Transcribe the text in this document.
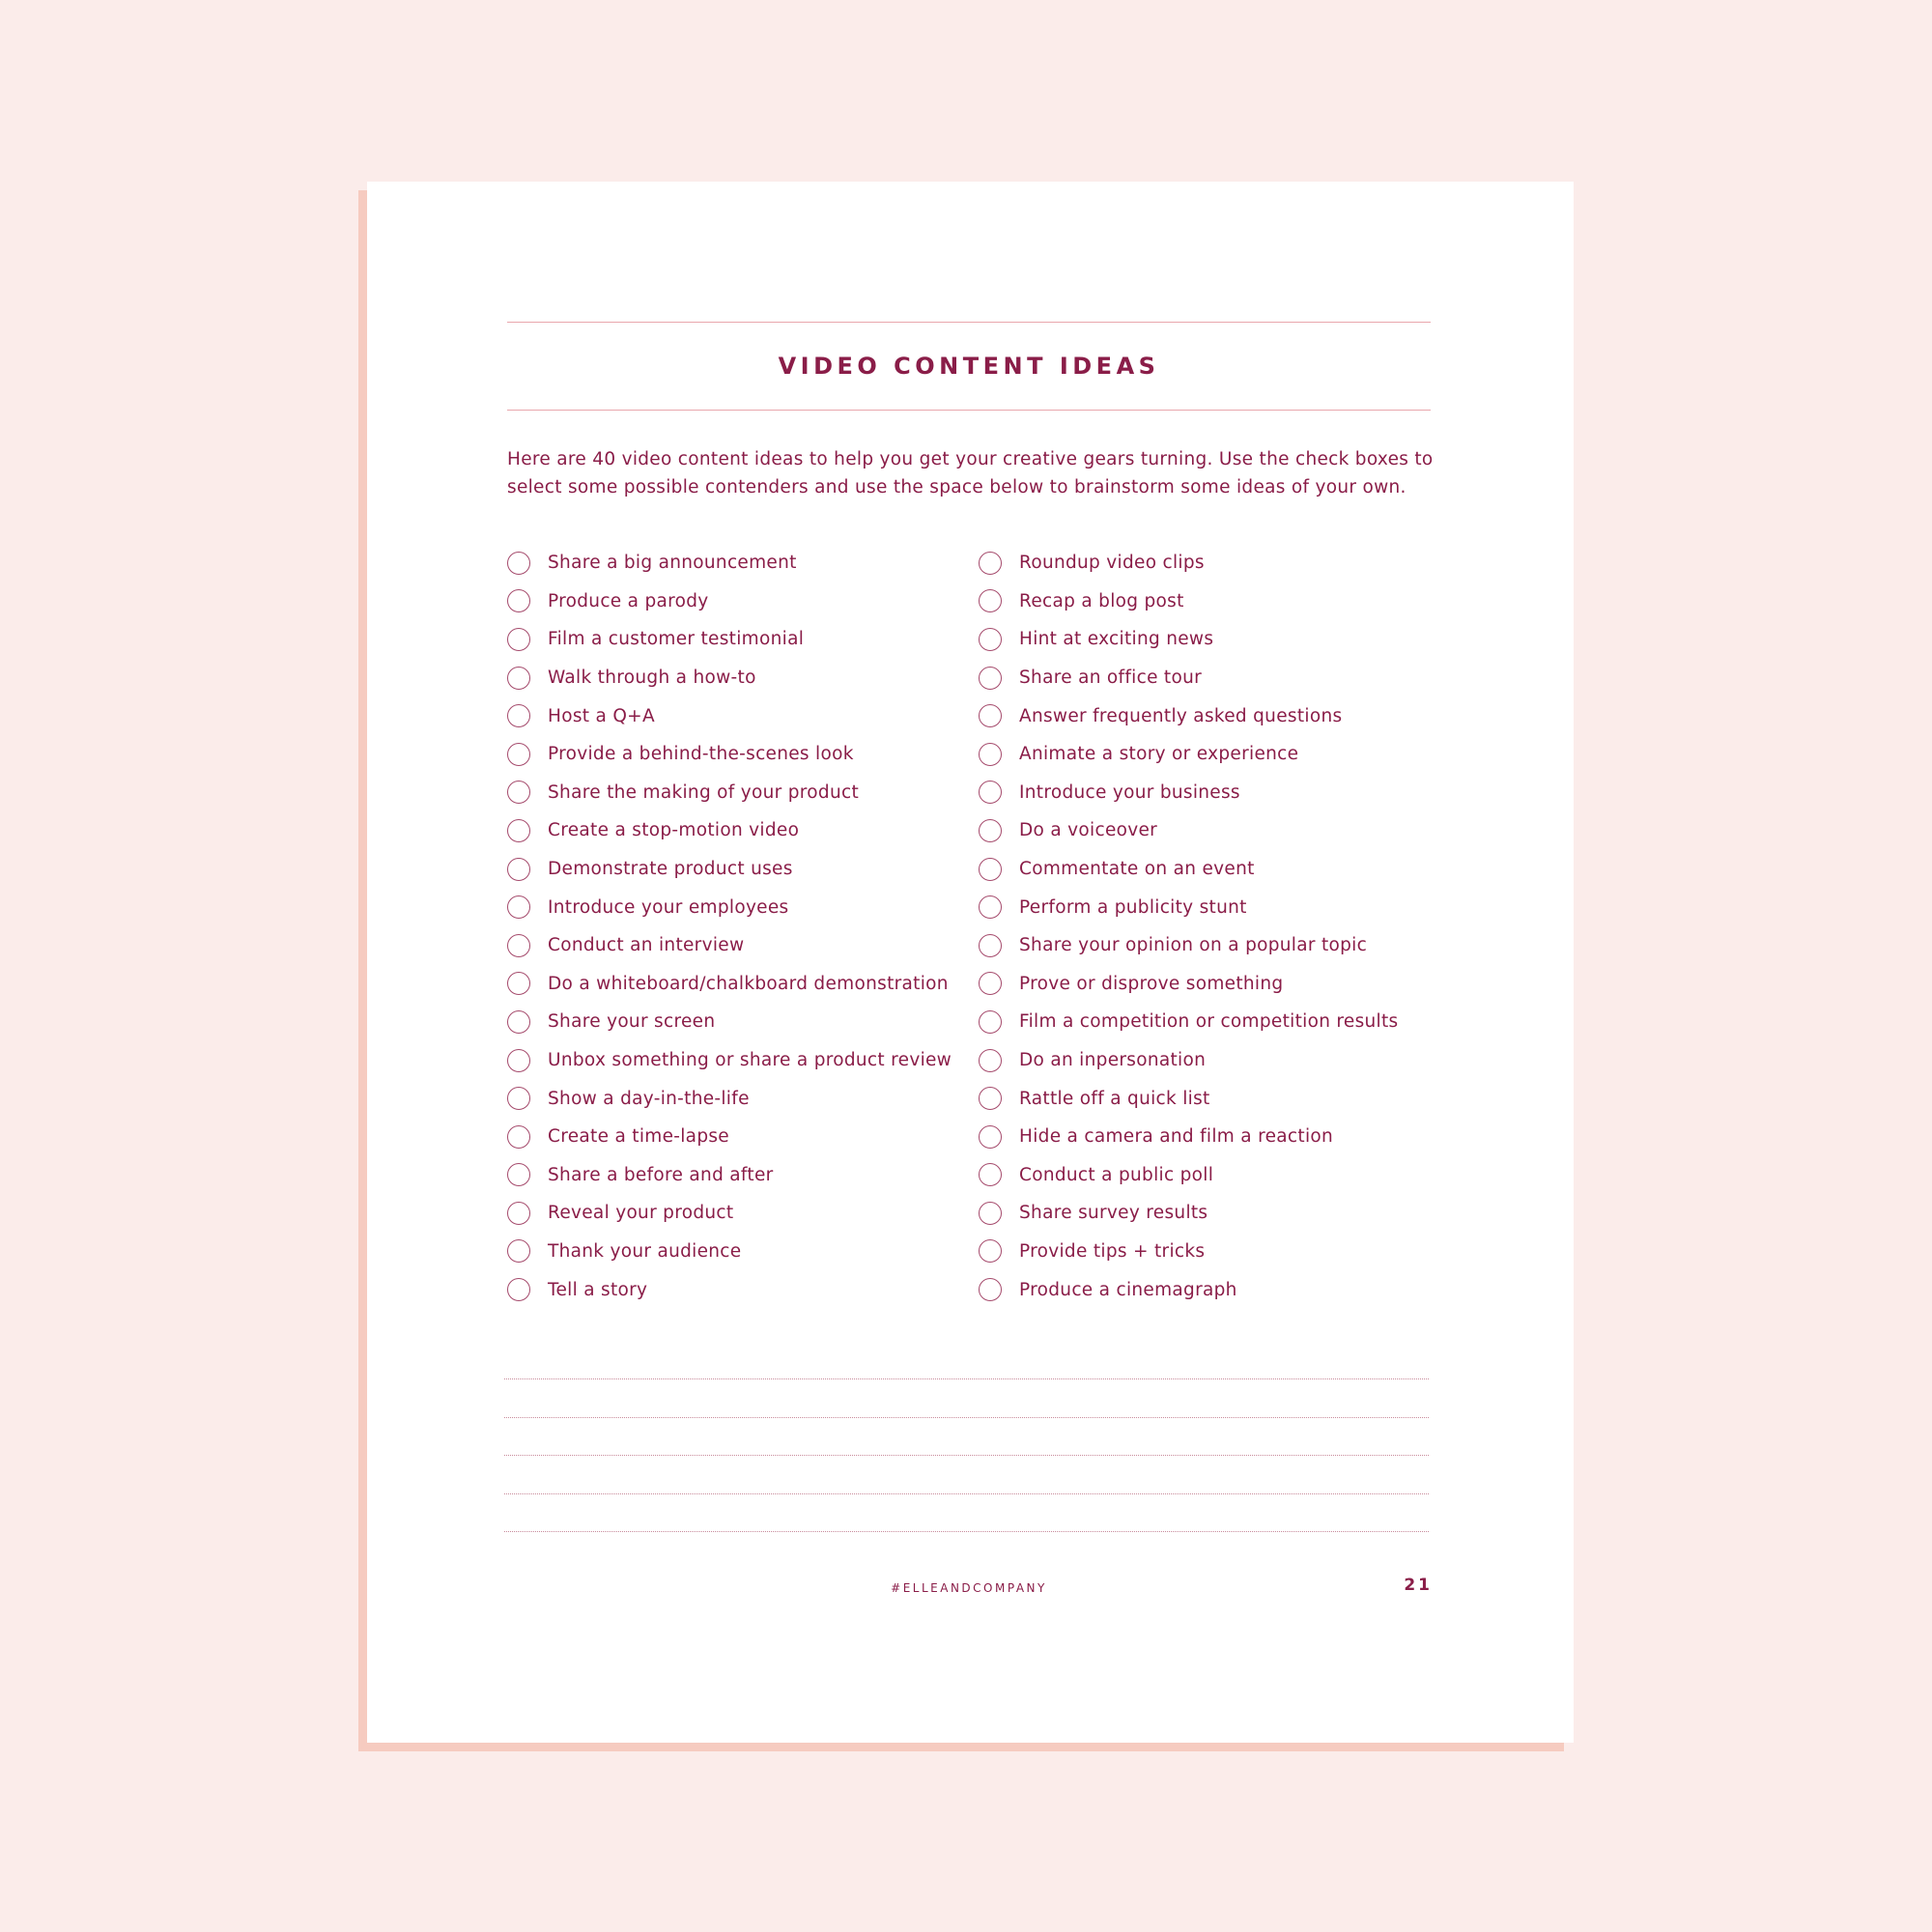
VIDEO CONTENT IDEAS

Here are 40 video content ideas to help you get your creative gears turning. Use the check boxes to select some possible contenders and use the space below to brainstorm some ideas of your own.

Share a big announcement
Produce a parody
Film a customer testimonial
Walk through a how-to
Host a Q+A
Provide a behind-the-scenes look
Share the making of your product
Create a stop-motion video
Demonstrate product uses
Introduce your employees
Conduct an interview
Do a whiteboard/chalkboard demonstration
Share your screen
Unbox something or share a product review
Show a day-in-the-life
Create a time-lapse
Share a before and after
Reveal your product
Thank your audience
Tell a story
Roundup video clips
Recap a blog post
Hint at exciting news
Share an office tour
Answer frequently asked questions
Animate a story or experience
Introduce your business
Do a voiceover
Commentate on an event
Perform a publicity stunt
Share your opinion on a popular topic
Prove or disprove something
Film a competition or competition results
Do an inpersonation
Rattle off a quick list
Hide a camera and film a reaction
Conduct a public poll
Share survey results
Provide tips + tricks
Produce a cinemagraph
#ELLEANDCOMPANY	21
